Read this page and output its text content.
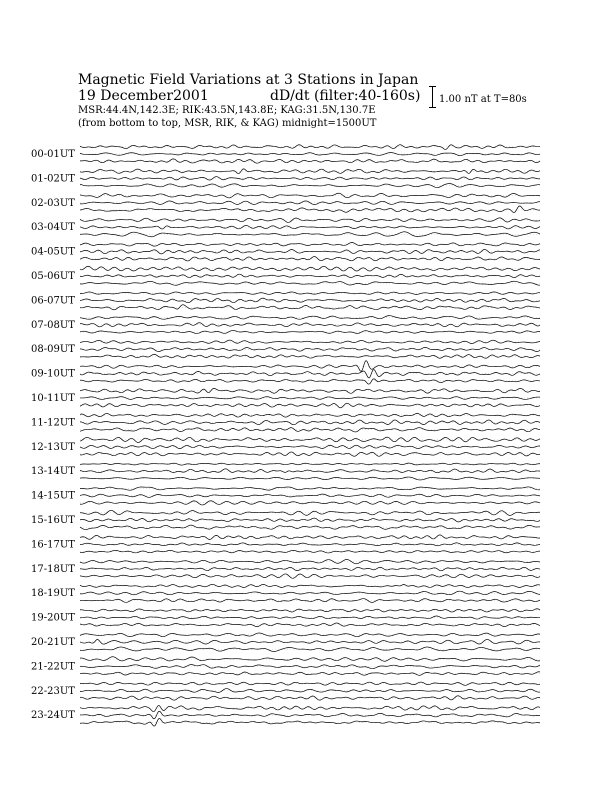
Magnetic Field Variations at 3 Stations in Japan
19 December2001	dD/dt (filter:40-160s)
MSR:44.4N,142.3E; RIK:43.5N,143.8E; KAG:31.5N,130.7E
(from bottom to top, MSR, RIK, & KAG) midnight=1500UT
1.00 nT at T=80s
00-01UT
01-02UT
02-03UT
03-04UT
04-05UT
05-06UT
06-07UT
07-08UT
08-09UT
09-10UT
10-11UT
11-12UT
12-13UT
13-14UT
14-15UT
15-16UT
16-17UT
17-18UT
18-19UT
19-20UT
20-21UT
21-22UT
22-23UT
23-24UT
